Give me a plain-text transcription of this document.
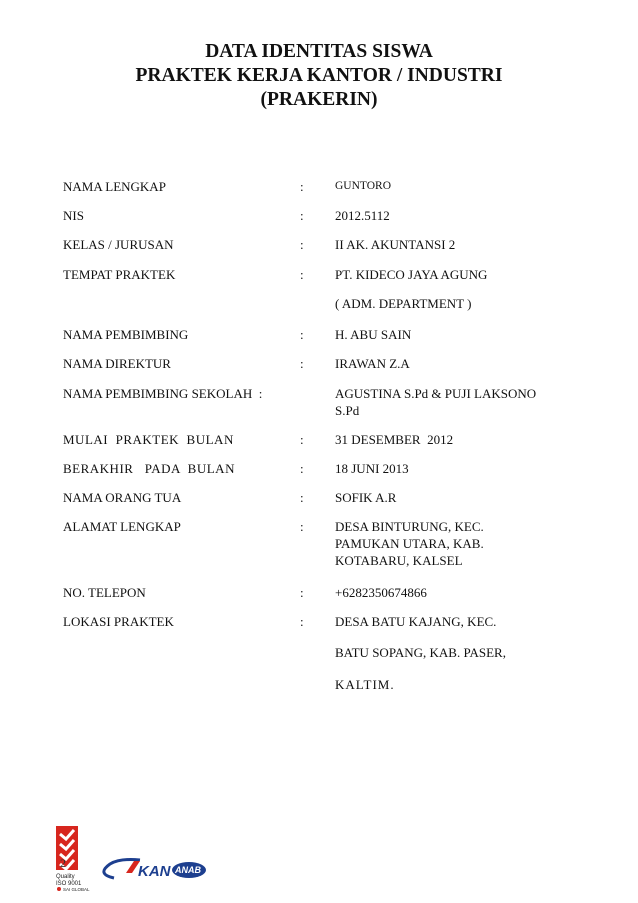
DATA IDENTITAS SISWA
PRAKTEK KERJA KANTOR / INDUSTRI
(PRAKERIN)
NAMA LENGKAP	:	GUNTORO
NIS	: 2012.5112
KELAS / JURUSAN	: II AK. AKUNTANSI 2
TEMPAT PRAKTEK	: PT. KIDECO JAYA AGUNG
( ADM. DEPARTMENT )
NAMA PEMBIMBING	: H. ABU SAIN
NAMA DIREKTUR	: IRAWAN Z.A
NAMA PEMBIMBING SEKOLAH  :	AGUSTINA S.Pd & PUJI LAKSONO
S.Pd
MULAI  PRAKTEK  BULAN	: 31 DESEMBER  2012
BERAKHIR   PADA  BULAN	: 18 JUNI 2013
NAMA ORANG TUA	: SOFIK A.R
ALAMAT LENGKAP	: DESA BINTURUNG, KEC.
PAMUKAN UTARA, KAB.
KOTABARU, KALSEL
NO. TELEPON	: +6282350674866
LOKASI PRAKTEK	: DESA BATU KAJANG, KEC.
BATU SOPANG, KAB. PASER,
KALTIM.
Quality
ISO 9001
SAI GLOBAL
KAN ANAB
2
